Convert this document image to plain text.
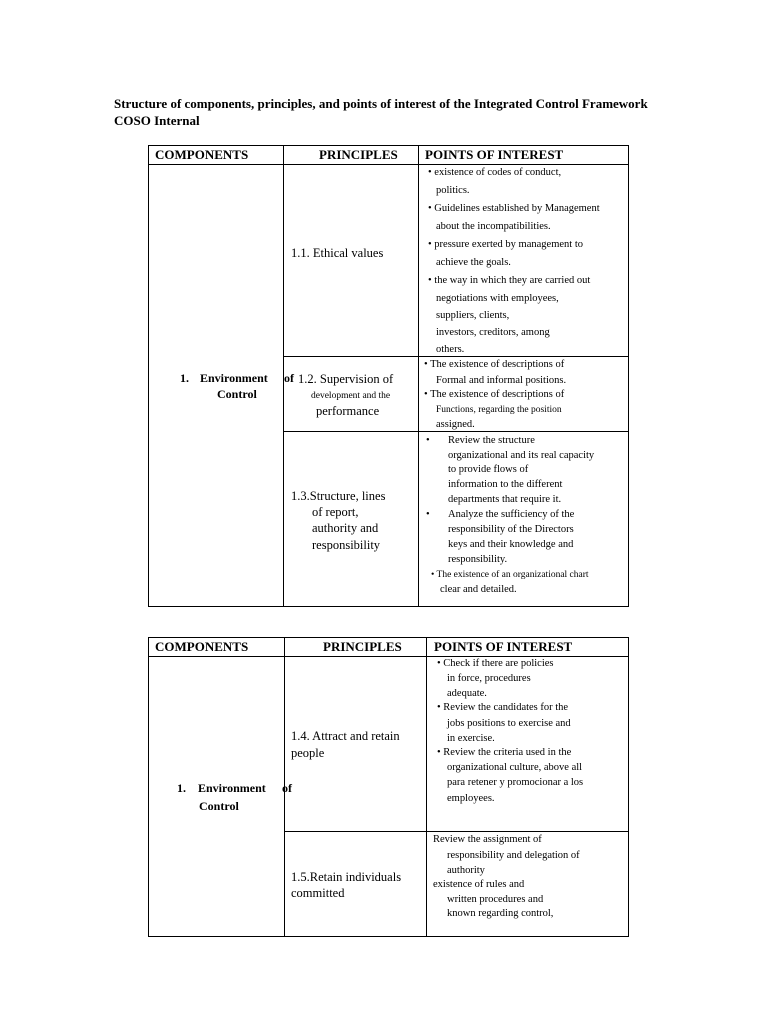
Structure of components, principles, and points of interest of the Integrated Control Framework
COSO Internal
COMPONENTS	PRINCIPLES POINTS OF INTEREST
1. Environment of
Control
1.1. Ethical values
• existence of codes of conduct,
politics.
• Guidelines established by Management
about the incompatibilities.
• pressure exerted by management to
achieve the goals.
• the way in which they are carried out
negotiations with employees,
suppliers, clients,
investors, creditors, among
others.
1.2. Supervision of
development and the
performance
• The existence of descriptions of
Formal and informal positions.
• The existence of descriptions of
Functions, regarding the position
assigned.
1.3.Structure, lines
of report,
authority and
responsibility
• Review the structure
organizational and its real capacity
to provide flows of
information to the different
departments that require it.
• Analyze the sufficiency of the
responsibility of the Directors
keys and their knowledge and
responsibility.
• The existence of an organizational chart
clear and detailed.
COMPONENTS	PRINCIPLES POINTS OF INTEREST
1. Environment of
Control
1.4. Attract and retain
people
• Check if there are policies
in force, procedures
adequate.
• Review the candidates for the
jobs positions to exercise and
in exercise.
• Review the criteria used in the
organizational culture, above all
para retener y promocionar a los
employees.
1.5.Retain individuals
committed
Review the assignment of
responsibility and delegation of
authority
existence of rules and
written procedures and
known regarding control,
